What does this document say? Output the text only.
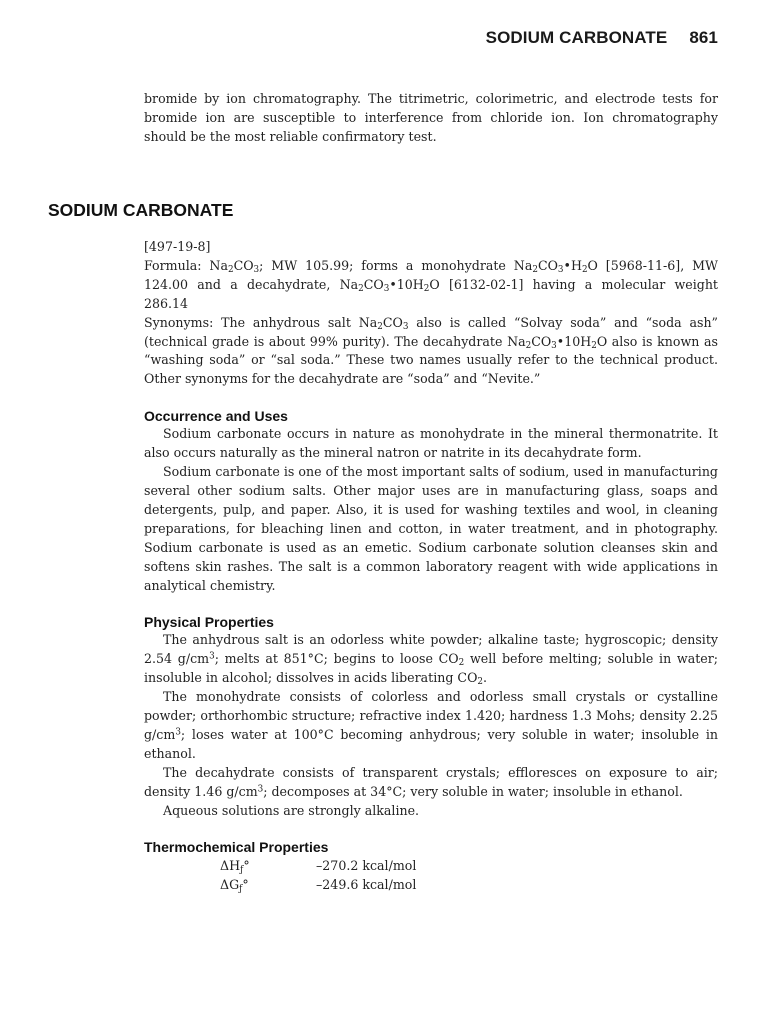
SODIUM CARBONATE 861
bromide by ion chromatography. The titrimetric, colorimetric, and electrode tests for bromide ion are susceptible to interference from chloride ion. Ion chromatography should be the most reliable confirmatory test.
SODIUM CARBONATE

[497-19-8]

Formula: $Na_2CO_3$; MW 105.99; forms a monohydrate $Na_2CO_3•H_2O$ [5968-11-6], MW 124.00 and a decahydrate, $Na_2CO_3•10H_2O$ [6132-02-1] having a molecular weight 286.14

Synonyms: The anhydrous salt $Na_2CO_3$ also is called “Solvay soda” and “soda ash” (technical grade is about 99% purity). The decahydrate $Na_2CO_3•10H_2O$ also is known as “washing soda” or “sal soda.” These two names usually refer to the technical product. Other synonyms for the decahydrate are “soda” and “Nevite.”

Occurrence and Uses

Sodium carbonate occurs in nature as monohydrate in the mineral thermonatrite. It also occurs naturally as the mineral natron or natrite in its decahydrate form.

Sodium carbonate is one of the most important salts of sodium, used in manufacturing several other sodium salts. Other major uses are in manufacturing glass, soaps and detergents, pulp, and paper. Also, it is used for washing textiles and wool, in cleaning preparations, for bleaching linen and cotton, in water treatment, and in photography. Sodium carbonate is used as an emetic. Sodium carbonate solution cleanses skin and softens skin rashes. The salt is a common laboratory reagent with wide applications in analytical chemistry.

Physical Properties

The anhydrous salt is an odorless white powder; alkaline taste; hygroscopic; density 2.54 $g/cm^3$; melts at 851°C; begins to loose $CO_2$ well before melting; soluble in water; insoluble in alcohol; dissolves in acids liberating $CO_2$.

The monohydrate consists of colorless and odorless small crystals or cystalline powder; orthorhombic structure; refractive index 1.420; hardness 1.3 Mohs; density 2.25 $g/cm^3$; loses water at 100°C becoming anhydrous; very soluble in water; insoluble in ethanol.

The decahydrate consists of transparent crystals; effloresces on exposure to air; density 1.46 $g/cm^3$; decomposes at 34°C; very soluble in water; insoluble in ethanol.

Aqueous solutions are strongly alkaline.

Thermochemical Properties

$\Delta H_ƒ^\circ$	–270.2 kcal/mol
$\Delta G_ƒ^\circ$	–249.6 kcal/mol
